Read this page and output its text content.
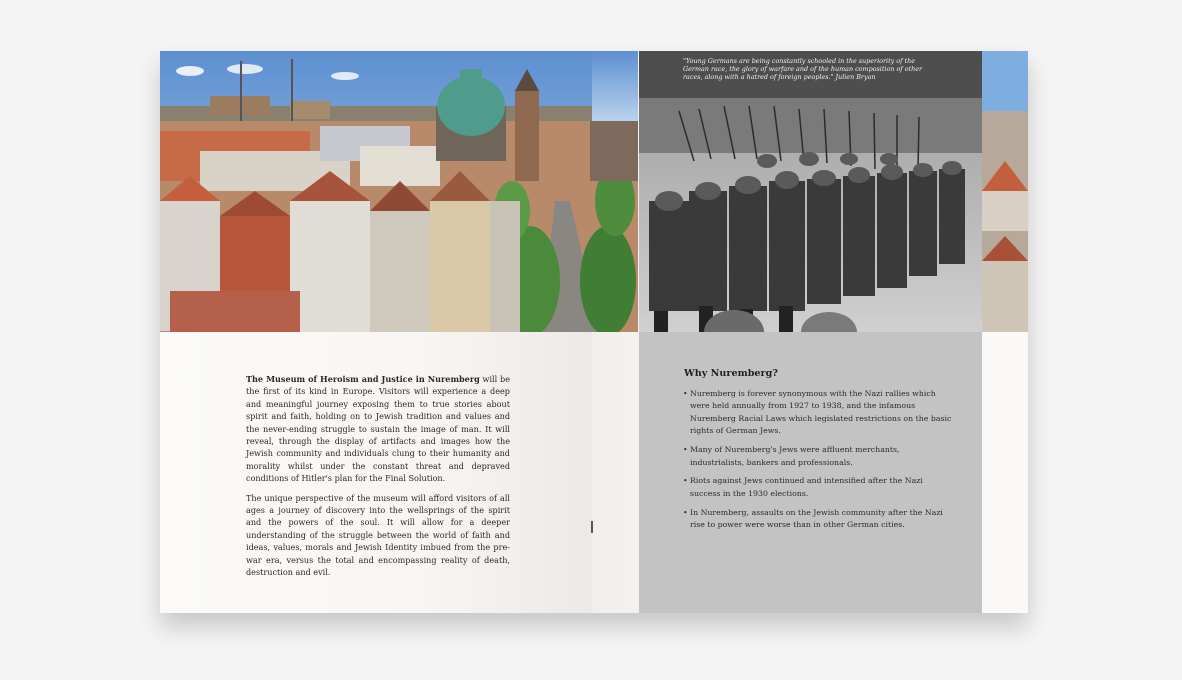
"Young Germans are being constantly schooled in the superiority of the German race, the glory of warfare and of the human composition of other races, along with a hatred of foreign peoples." Julien Bryan

The Museum of Heroism and Justice in Nuremberg will be the first of its kind in Europe. Visitors will experience a deep and meaningful journey exposing them to true stories about spirit and faith, holding on to Jewish tradition and values and the never-ending struggle to sustain the image of man. It will reveal, through the display of artifacts and images how the Jewish community and individuals clung to their humanity and morality whilst under the constant threat and depraved conditions of Hitler's plan for the Final Solution.

The unique perspective of the museum will afford visitors of all ages a journey of discovery into the wellsprings of the spirit and the powers of the soul. It will allow for a deeper understanding of the struggle between the world of faith and ideas, values, morals and Jewish Identity imbued from the pre-war era, versus the total and encompassing reality of death, destruction and evil.

Why Nuremberg?
• Nuremberg is forever synonymous with the Nazi rallies which were held annually from 1927 to 1938, and the infamous Nuremberg Racial Laws which legislated restrictions on the basic rights of German Jews.
• Many of Nuremberg's Jews were affluent merchants, industrialists, bankers and professionals.
• Riots against Jews continued and intensified after the Nazi success in the 1930 elections.
• In Nuremberg, assaults on the Jewish community after the Nazi rise to power were worse than in other German cities.
